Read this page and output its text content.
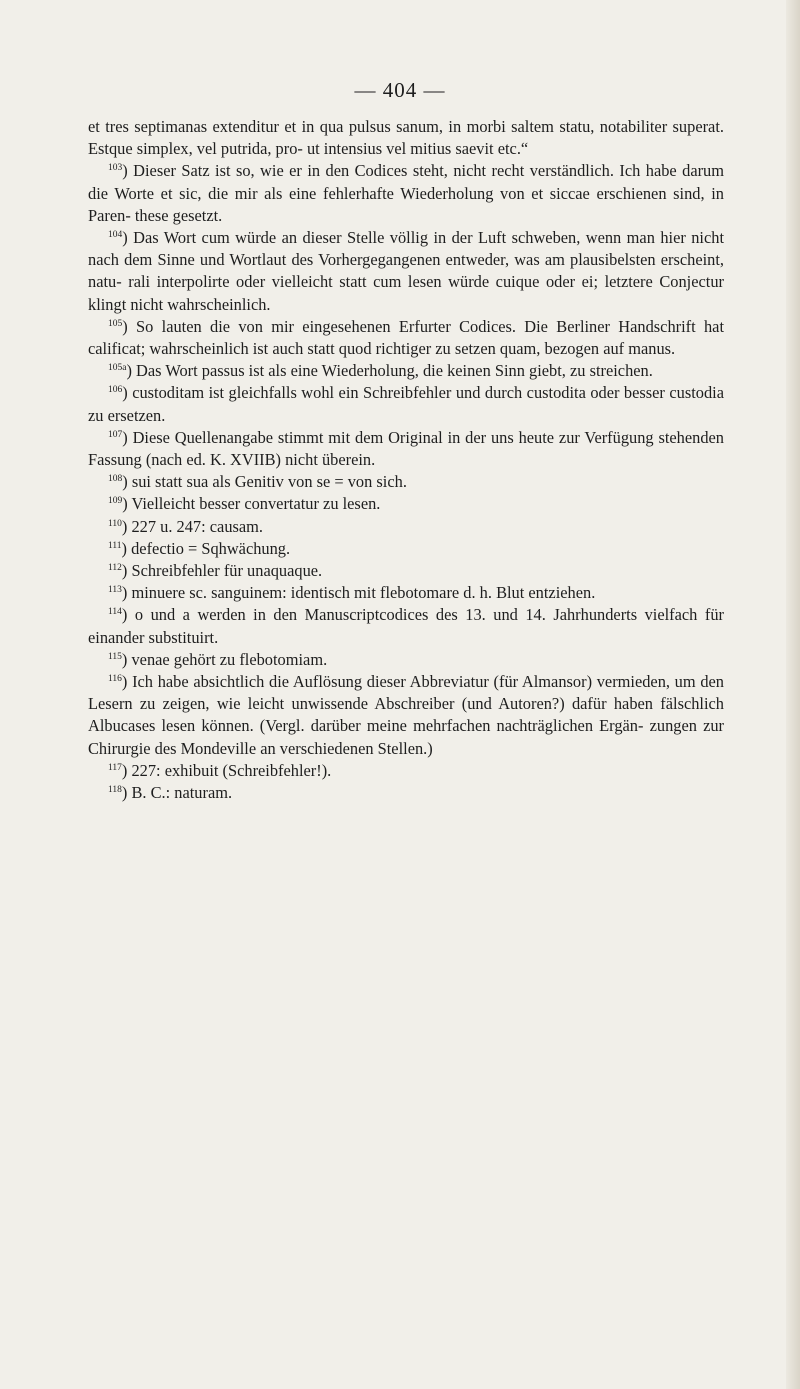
— 404 —

et tres septimanas extenditur et in qua pulsus sanum, in morbi saltem statu, notabiliter superat. Estque simplex, vel putrida, pro- ut intensius vel mitius saevit etc.“

$^{103}$) Dieser Satz ist so, wie er in den Codices steht, nicht recht verständlich. Ich habe darum die Worte et sic, die mir als eine fehlerhafte Wiederholung von et siccae erschienen sind, in Paren- these gesetzt.

$^{104}$) Das Wort cum würde an dieser Stelle völlig in der Luft schweben, wenn man hier nicht nach dem Sinne und Wortlaut des Vorhergegangenen entweder, was am plausibelsten erscheint, natu- rali interpolirte oder vielleicht statt cum lesen würde cuique oder ei; letztere Conjectur klingt nicht wahrscheinlich.

$^{105}$) So lauten die von mir eingesehenen Erfurter Codices. Die Berliner Handschrift hat calificat; wahrscheinlich ist auch statt quod richtiger zu setzen quam, bezogen auf manus.

$^{105a}$) Das Wort passus ist als eine Wiederholung, die keinen Sinn giebt, zu streichen.

$^{106}$) custoditam ist gleichfalls wohl ein Schreibfehler und durch custodita oder besser custodia zu ersetzen.

$^{107}$) Diese Quellenangabe stimmt mit dem Original in der uns heute zur Verfügung stehenden Fassung (nach ed. K. XVIIB) nicht überein.

$^{108}$) sui statt sua als Genitiv von se = von sich.

$^{109}$) Vielleicht besser convertatur zu lesen.

$^{110}$) 227 u. 247: causam.

$^{111}$) defectio = Sqhwächung.

$^{112}$) Schreibfehler für unaquaque.

$^{113}$) minuere sc. sanguinem: identisch mit flebotomare d. h. Blut entziehen.

$^{114}$) o und a werden in den Manuscriptcodices des 13. und 14. Jahrhunderts vielfach für einander substituirt.

$^{115}$) venae gehört zu flebotomiam.

$^{116}$) Ich habe absichtlich die Auflösung dieser Abbreviatur (für Almansor) vermieden, um den Lesern zu zeigen, wie leicht unwissende Abschreiber (und Autoren?) dafür haben fälschlich Albucases lesen können. (Vergl. darüber meine mehrfachen nachträglichen Ergän- zungen zur Chirurgie des Mondeville an verschiedenen Stellen.)

$^{117}$) 227: exhibuit (Schreibfehler!).

$^{118}$) B. C.: naturam.
